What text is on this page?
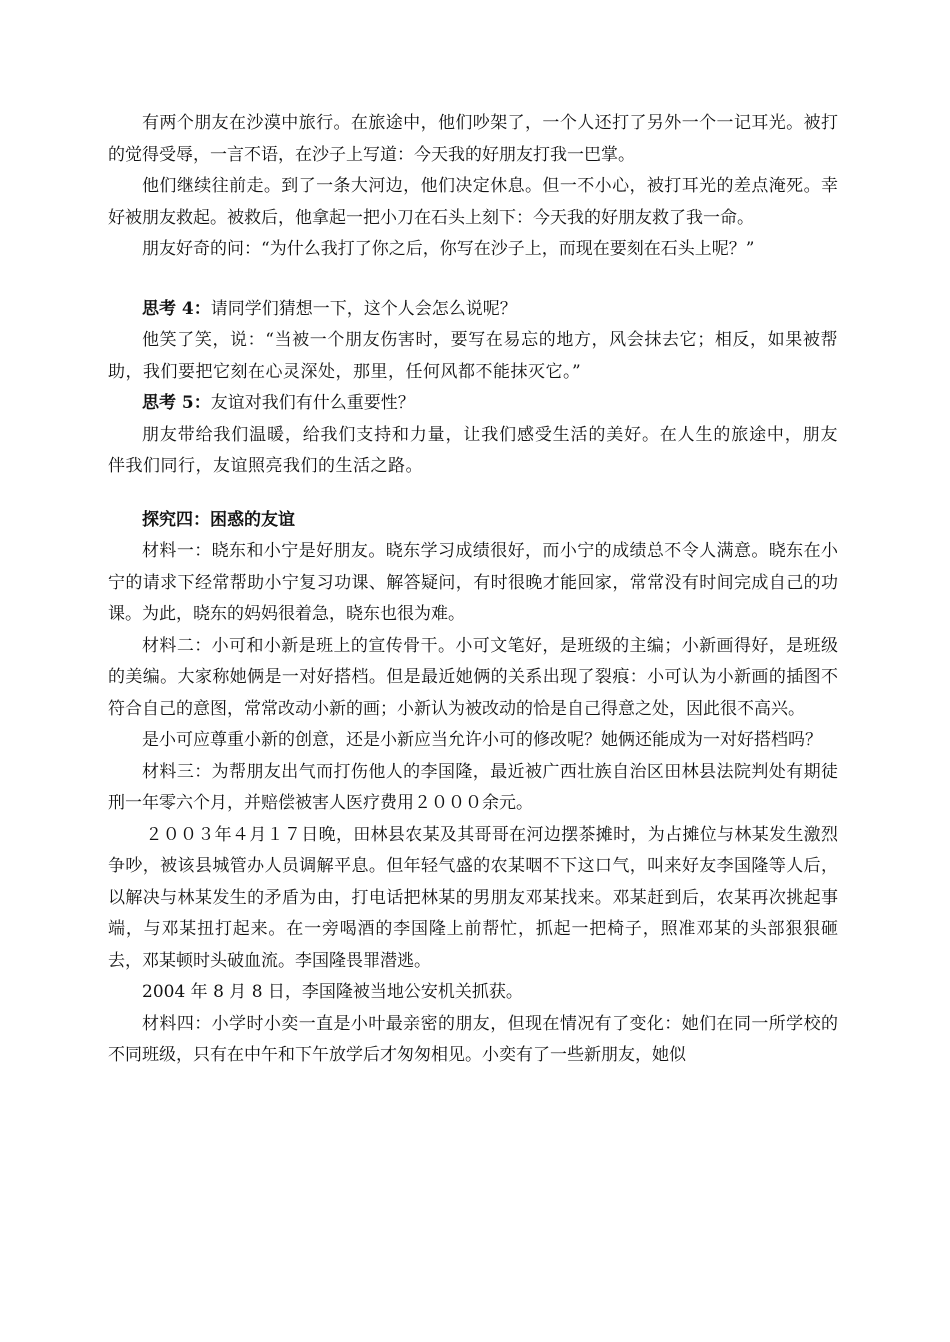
有两个朋友在沙漠中旅行。在旅途中，他们吵架了，一个人还打了另外一个一记耳光。被打的觉得受辱，一言不语，在沙子上写道：今天我的好朋友打我一巴掌。

他们继续往前走。到了一条大河边，他们决定休息。但一不小心，被打耳光的差点淹死。幸好被朋友救起。被救后，他拿起一把小刀在石头上刻下：今天我的好朋友救了我一命。

朋友好奇的问：“为什么我打了你之后，你写在沙子上，而现在要刻在石头上呢？”

思考 4：请同学们猜想一下，这个人会怎么说呢？

他笑了笑，说：“当被一个朋友伤害时，要写在易忘的地方，风会抹去它；相反，如果被帮助，我们要把它刻在心灵深处，那里，任何风都不能抹灭它。”

思考 5：友谊对我们有什么重要性？

朋友带给我们温暖，给我们支持和力量，让我们感受生活的美好。在人生的旅途中，朋友伴我们同行，友谊照亮我们的生活之路。

探究四：困惑的友谊

材料一：晓东和小宁是好朋友。晓东学习成绩很好，而小宁的成绩总不令人满意。晓东在小宁的请求下经常帮助小宁复习功课、解答疑问，有时很晚才能回家，常常没有时间完成自己的功课。为此，晓东的妈妈很着急，晓东也很为难。

材料二：小可和小新是班上的宣传骨干。小可文笔好，是班级的主编；小新画得好，是班级的美编。大家称她俩是一对好搭档。但是最近她俩的关系出现了裂痕：小可认为小新画的插图不符合自己的意图，常常改动小新的画；小新认为被改动的恰是自己得意之处，因此很不高兴。

是小可应尊重小新的创意，还是小新应当允许小可的修改呢？她俩还能成为一对好搭档吗？

材料三：为帮朋友出气而打伤他人的李国隆，最近被广西壮族自治区田林县法院判处有期徒刑一年零六个月，并赔偿被害人医疗费用２０００余元。

２００３年４月１７日晚，田林县农某及其哥哥在河边摆茶摊时，为占摊位与林某发生激烈争吵，被该县城管办人员调解平息。但年轻气盛的农某咽不下这口气，叫来好友李国隆等人后，以解决与林某发生的矛盾为由，打电话把林某的男朋友邓某找来。邓某赶到后，农某再次挑起事端，与邓某扭打起来。在一旁喝酒的李国隆上前帮忙，抓起一把椅子，照准邓某的头部狠狠砸去，邓某顿时头破血流。李国隆畏罪潜逃。

2004 年 8 月 8 日，李国隆被当地公安机关抓获。

材料四：小学时小奕一直是小叶最亲密的朋友，但现在情况有了变化：她们在同一所学校的不同班级，只有在中午和下午放学后才匆匆相见。小奕有了一些新朋友，她似
